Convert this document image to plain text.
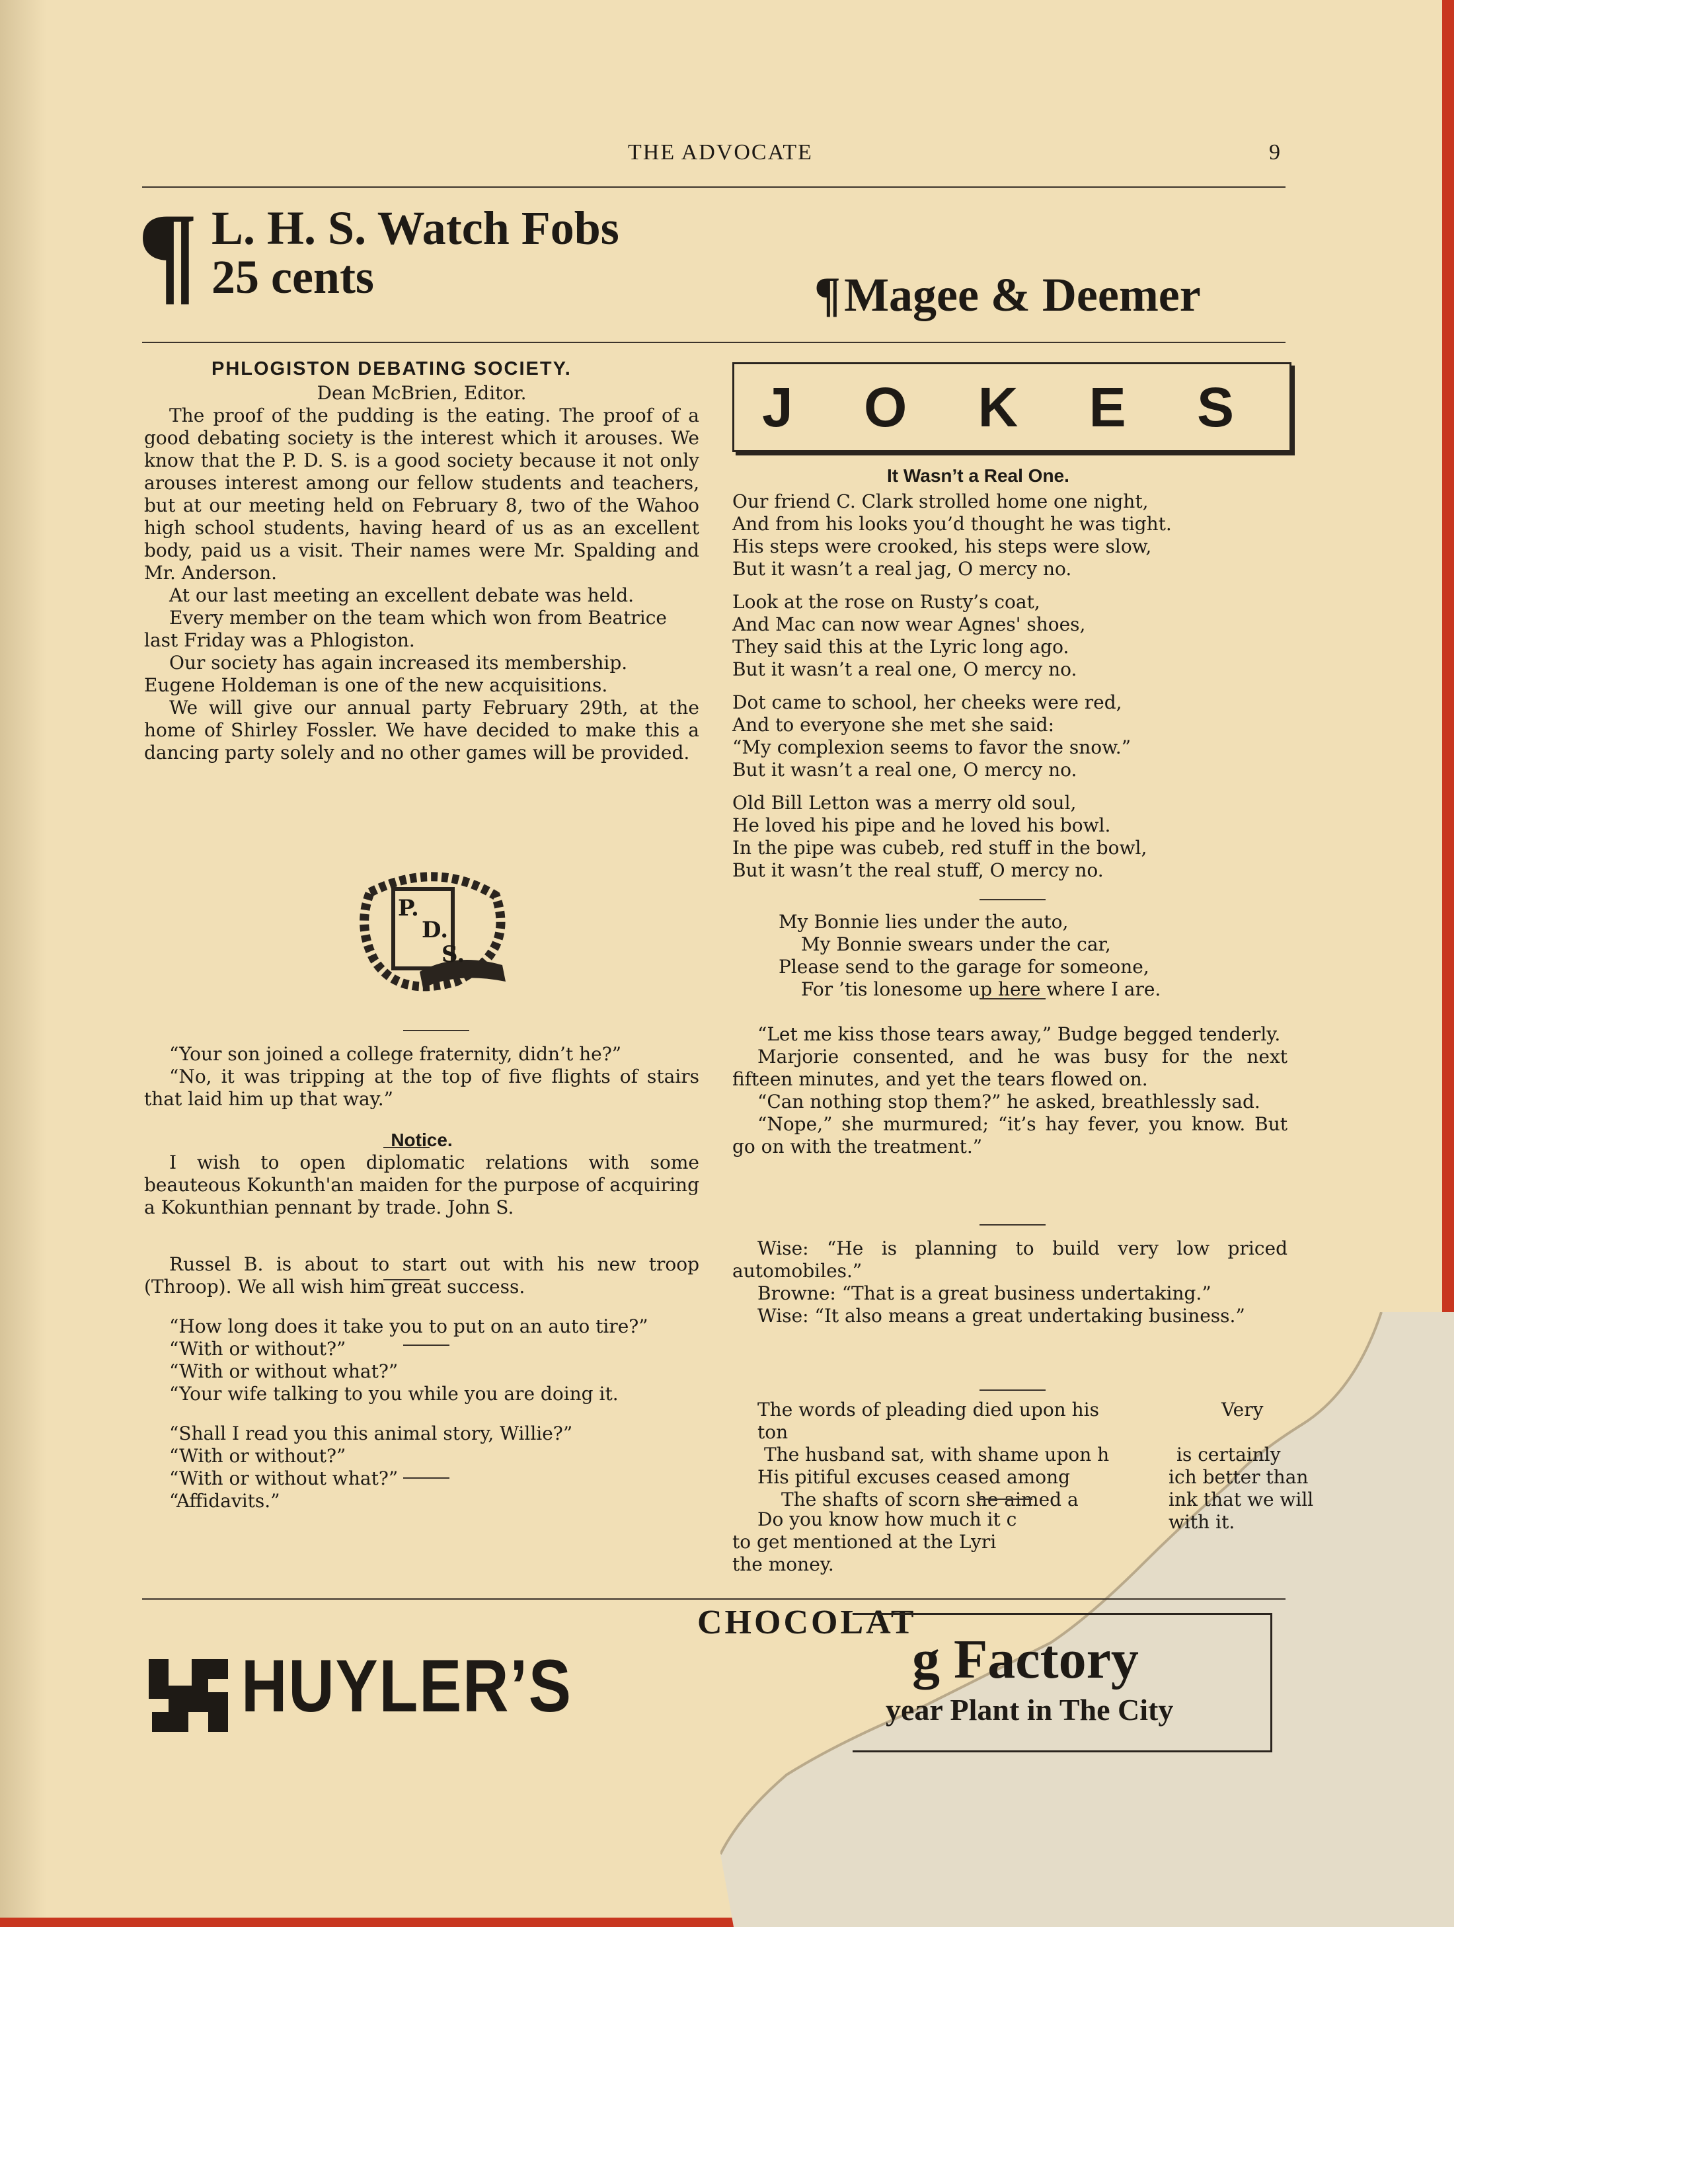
THE ADVOCATE	9
¶ L. H. S. Watch Fobs
25 cents	¶ Magee & Deemer
PHLOGISTON DEBATING SOCIETY.

Dean McBrien, Editor.

The proof of the pudding is the eating. The proof of a good debating society is the interest which it arouses. We know that the P. D. S. is a good society because it not only arouses interest among our fellow students and teachers, but at our meeting held on February 8, two of the Wahoo high school students, having heard of us as an excellent body, paid us a visit. Their names were Mr. Spalding and Mr. Anderson.

At our last meeting an excellent debate was held.

Every member on the team which won from Beatrice last Friday was a Phlogiston.

Our society has again increased its membership. Eugene Holdeman is one of the new acquisitions.

We will give our annual party February 29th, at the home of Shirley Fossler. We have decided to make this a dancing party solely and no other games will be provided.

P.
D.
S.

“Your son joined a college fraternity, didn’t he?”

“No, it was tripping at the top of five flights of stairs that laid him up that way.”

Notice.

I wish to open diplomatic relations with some beauteous Kokunth'an maiden for the purpose of acquiring a Kokunthian pennant by trade. John S.

Russel B. is about to start out with his new troop (Throop). We all wish him great success.

“How long does it take you to put on an auto tire?”

“With or without?”

“With or without what?”

“Your wife talking to you while you are doing it.

“Shall I read you this animal story, Willie?”

“With or without?”

“With or without what?”

“Affidavits.”

J O K E S
It Wasn’t a Real One.

Our friend C. Clark strolled home one night,
And from his looks you’d thought he was tight.
His steps were crooked, his steps were slow,
But it wasn’t a real jag, O mercy no.

Look at the rose on Rusty’s coat,
And Mac can now wear Agnes' shoes,
They said this at the Lyric long ago.
But it wasn’t a real one, O mercy no.

Dot came to school, her cheeks were red,
And to everyone she met she said:
“My complexion seems to favor the snow.”
But it wasn’t a real one, O mercy no.

Old Bill Letton was a merry old soul,
He loved his pipe and he loved his bowl.
In the pipe was cubeb, red stuff in the bowl,
But it wasn’t the real stuff, O mercy no.

My Bonnie lies under the auto,

My Bonnie swears under the car,

Please send to the garage for someone,

For ’tis lonesome up here where I are.

“Let me kiss those tears away,” Budge begged tenderly.

Marjorie consented, and he was busy for the next fifteen minutes, and yet the tears flowed on.

“Can nothing stop them?” he asked, breathlessly sad.

“Nope,” she murmured; “it’s hay fever, you know. But go on with the treatment.”

Wise: “He is planning to build very low priced automobiles.”

Browne: “That is a great business undertaking.”

Wise: “It also means a great undertaking business.”

The words of pleading died upon his ton

The husband sat, with shame upon h

His pitiful excuses ceased among

The shafts of scorn she aimed a

Do you know how much it c

to get mentioned at the Lyri

the money.

Very

is certainly

ich better than

ink that we will

with it.

HUYLER’S
CHOCOLAT
g Factory
year Plant in The City
